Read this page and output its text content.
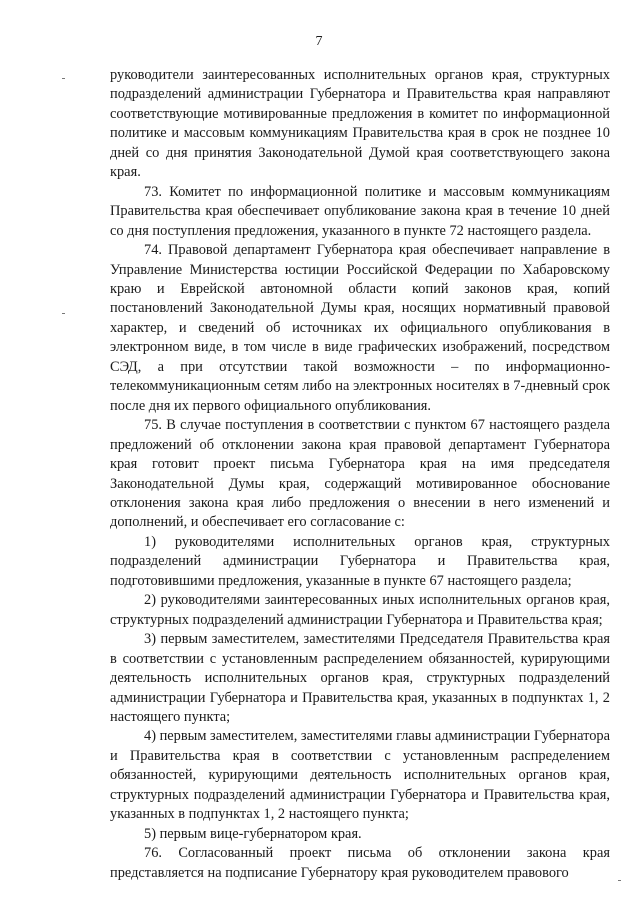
7

руководители заинтересованных исполнительных органов края, структурных подразделений администрации Губернатора и Правительства края направляют соответствующие мотивированные предложения в комитет по информационной политике и массовым коммуникациям Правительства края в срок не позднее 10 дней со дня принятия Законодательной Думой края соответствующего закона края.

73. Комитет по информационной политике и массовым коммуникациям Правительства края обеспечивает опубликование закона края в течение 10 дней со дня поступления предложения, указанного в пункте 72 настоящего раздела.

74. Правовой департамент Губернатора края обеспечивает направление в Управление Министерства юстиции Российской Федерации по Хабаровскому краю и Еврейской автономной области копий законов края, копий постановлений Законодательной Думы края, носящих нормативный правовой характер, и сведений об источниках их официального опубликования в электронном виде, в том числе в виде графических изображений, посредством СЭД, а при отсутствии такой возможности – по информационно-телекоммуникационным сетям либо на электронных носителях в 7-дневный срок после дня их первого официального опубликования.

75. В случае поступления в соответствии с пунктом 67 настоящего раздела предложений об отклонении закона края правовой департамент Губернатора края готовит проект письма Губернатора края на имя председателя Законодательной Думы края, содержащий мотивированное обоснование отклонения закона края либо предложения о внесении в него изменений и дополнений, и обеспечивает его согласование с:

1) руководителями исполнительных органов края, структурных подразделений администрации Губернатора и Правительства края, подготовившими предложения, указанные в пункте 67 настоящего раздела;

2) руководителями заинтересованных иных исполнительных органов края, структурных подразделений администрации Губернатора и Правительства края;

3) первым заместителем, заместителями Председателя Правительства края в соответствии с установленным распределением обязанностей, курирующими деятельность исполнительных органов края, структурных подразделений администрации Губернатора и Правительства края, указанных в подпунктах 1, 2 настоящего пункта;

4) первым заместителем, заместителями главы администрации Губернатора и Правительства края в соответствии с установленным распределением обязанностей, курирующими деятельность исполнительных органов края, структурных подразделений администрации Губернатора и Правительства края, указанных в подпунктах 1, 2 настоящего пункта;

5) первым вице-губернатором края.

76. Согласованный проект письма об отклонении закона края представляется на подписание Губернатору края руководителем правового
